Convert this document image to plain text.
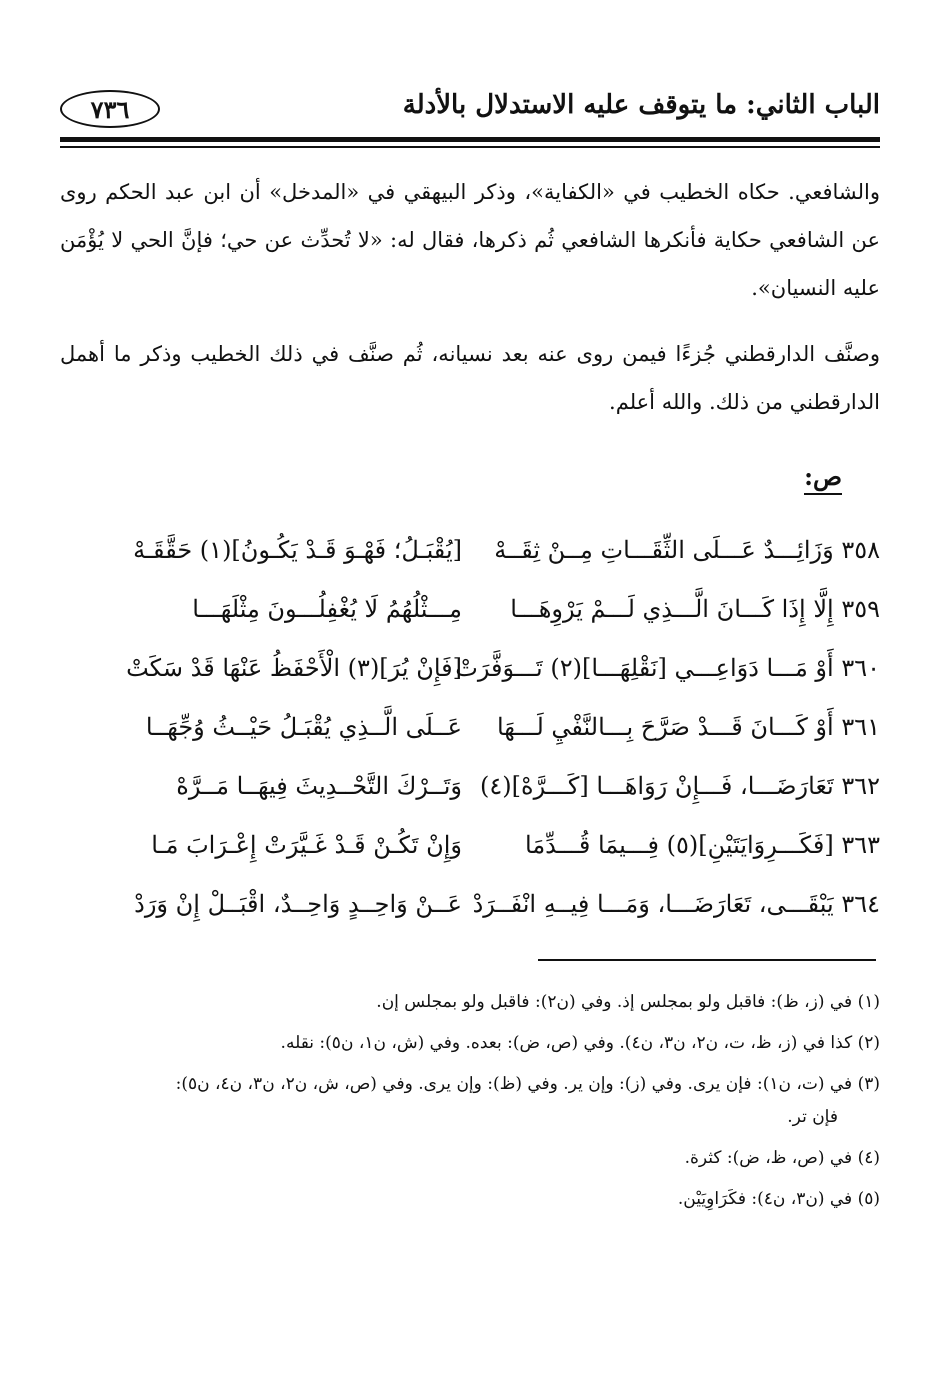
الباب الثاني: ما يتوقف عليه الاستدلال بالأدلة
٧٣٦
والشافعي. حكاه الخطيب في «الكفاية»، وذكر البيهقي في «المدخل» أن ابن عبد الحكم روى عن الشافعي حكاية فأنكرها الشافعي ثُم ذكرها، فقال له: «لا تُحدِّث عن حي؛ فإنَّ الحي لا يُؤْمَن عليه النسيان».
وصنَّف الدارقطني جُزءًا فيمن روى عنه بعد نسيانه، ثُم صنَّف في ذلك الخطيب وذكر ما أهمل الدارقطني من ذلك. والله أعلم.
ص:
٣٥٨ وَزَائِـــدٌ عَـــلَى الثِّقَـــاتِ مِــنْ ثِقَــهْ
[يُقْبَـلُ؛ فَهْـوَ قَـدْ يَكُـونُ](١) حَقَّقَـهْ
٣٥٩ إِلَّا إِذَا كَـــانَ الَّـــذِي لَـــمْ يَرْوِهَـــا
مِـــثْلُهُمُ لَا يُغْفِلُـــونَ مِثْلَهَـــا
٣٦٠ أَوْ مَـــا دَوَاعِـــي [نَقْلِهَـــا](٢) تَـــوَفَّرَتْ
[فَإِنْ يُرَ](٣) الْأَحْفَظُ عَنْهَا قَدْ سَكَتْ
٣٦١ أَوْ كَـــانَ قَـــدْ صَرَّحَ بِـــالنَّفْيِ لَـــهَا
عَــلَى الَّــذِي يُقْبَـلُ حَيْــثُ وُجِّهَــا
٣٦٢ تَعَارَضَـــا، فَـــإِنْ رَوَاهَـــا [كَـــرَّهْ](٤)
وَتَــرْكَ التَّحْــدِيثَ فِيهَــا مَــرَّهْ
٣٦٣ [فَكَـــرِوَايَتَيْنِ](٥) فِـــيمَا قُـــدِّمَا
وَإِنْ تَكُـنْ قَـدْ غَـيَّرَتْ إِعْـرَابَ مَـا
٣٦٤ يَبْقَـــى، تَعَارَضَـــا، وَمَـــا فِيــهِ انْفَــرَدْ
عَــنْ وَاحِــدٍ وَاحِــدٌ، اقْبَــلْ إِنْ وَرَدْ
(١) في (ز، ظ): فاقبل ولو بمجلس إذ. وفي (ن٢): فاقبل ولو بمجلس إن.
(٢) كذا في (ز، ظ، ت، ن٢، ن٣، ن٤). وفي (ص، ض): بعده. وفي (ش، ن١، ن٥): نقله.
(٣) في (ت، ن١): فإن يرى. وفي (ز): وإن ير. وفي (ظ): وإن يرى. وفي (ص، ش، ن٢، ن٣، ن٤، ن٥):
فإن تر.
(٤) في (ص، ظ، ض): كثرة.
(٥) في (ن٣، ن٤): فكَرَاوِيَيْن.
